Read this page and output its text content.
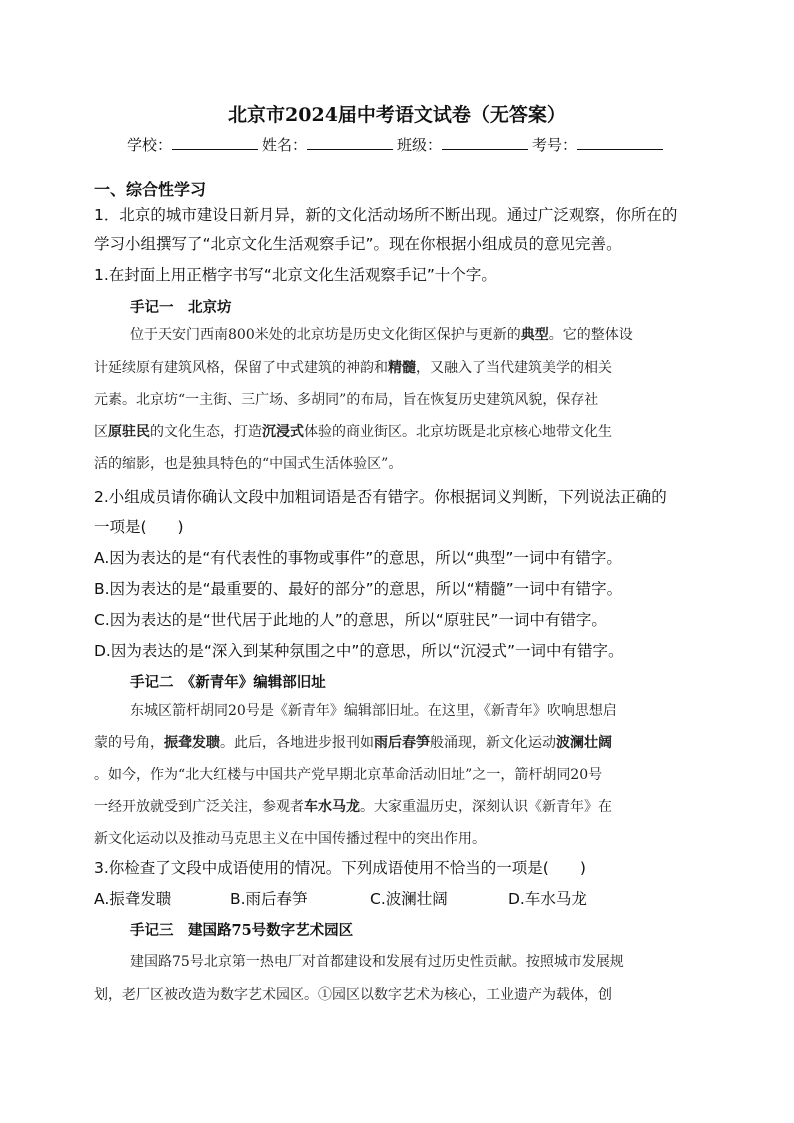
北京市2024届中考语文试卷（无答案）
学校：	姓名：	班级：	考号：
一、综合性学习
1．北京的城市建设日新月异，新的文化活动场所不断出现。通过广泛观察，你所在的
学习小组撰写了“北京文化生活观察手记”。现在你根据小组成员的意见完善。
1.在封面上用正楷字书写“北京文化生活观察手记”十个字。
手记一　北京坊
位于天安门西南800米处的北京坊是历史文化街区保护与更新的典型。它的整体设
计延续原有建筑风格，保留了中式建筑的神韵和精髓，又融入了当代建筑美学的相关
元素。北京坊“一主街、三广场、多胡同”的布局，旨在恢复历史建筑风貌，保存社
区原驻民的文化生态，打造沉浸式体验的商业街区。北京坊既是北京核心地带文化生
活的缩影，也是独具特色的“中国式生活体验区”。
2.小组成员请你确认文段中加粗词语是否有错字。你根据词义判断，下列说法正确的
一项是(　　)
A.因为表达的是“有代表性的事物或事件”的意思，所以“典型”一词中有错字。
B.因为表达的是“最重要的、最好的部分”的意思，所以“精髓”一词中有错字。
C.因为表达的是“世代居于此地的人”的意思，所以“原驻民”一词中有错字。
D.因为表达的是“深入到某种氛围之中”的意思，所以“沉浸式”一词中有错字。
手记二　《新青年》编辑部旧址
东城区箭杆胡同20号是《新青年》编辑部旧址。在这里，《新青年》吹响思想启
蒙的号角，振聋发聩。此后，各地进步报刊如雨后春笋般涌现，新文化运动波澜壮阔
。如今，作为“北大红楼与中国共产党早期北京革命活动旧址”之一，箭杆胡同20号
一经开放就受到广泛关注，参观者车水马龙。大家重温历史，深刻认识《新青年》在
新文化运动以及推动马克思主义在中国传播过程中的突出作用。
3.你检查了文段中成语使用的情况。下列成语使用不恰当的一项是(　　)
A.振聋发聩	B.雨后春笋	C.波澜壮阔	D.车水马龙
手记三　建国路75号数字艺术园区
建国路75号北京第一热电厂对首都建设和发展有过历史性贡献。按照城市发展规
划，老厂区被改造为数字艺术园区。①园区以数字艺术为核心，工业遗产为载体，创
